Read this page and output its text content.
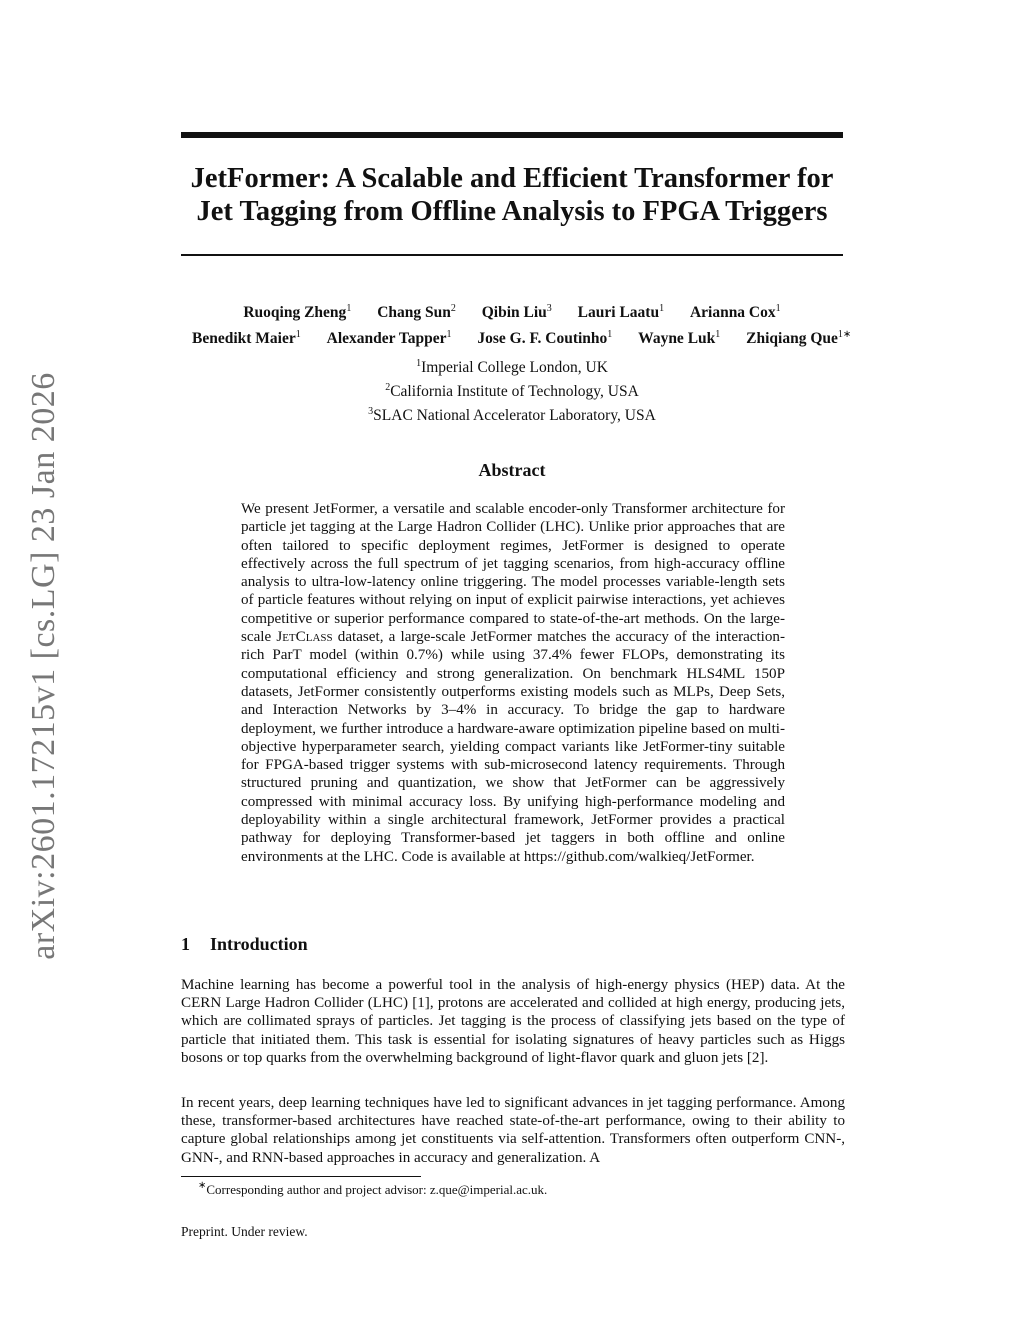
arXiv:2601.17215v1 [cs.LG] 23 Jan 2026
JetFormer: A Scalable and Efficient Transformer for
Jet Tagging from Offline Analysis to FPGA Triggers
Ruoqing Zheng$^1$ Chang Sun$^2$ Qibin Liu$^3$ Lauri Laatu$^1$ Arianna Cox$^1$
Benedikt Maier$^1$ Alexander Tapper$^1$ Jose G. F. Coutinho$^1$ Wayne Luk$^1$ Zhiqiang Que$^{1∗}$
$^1$Imperial College London, UK
$^2$California Institute of Technology, USA
$^3$SLAC National Accelerator Laboratory, USA
Abstract

We present JetFormer, a versatile and scalable encoder-only Transformer architecture for particle jet tagging at the Large Hadron Collider (LHC). Unlike prior approaches that are often tailored to specific deployment regimes, JetFormer is designed to operate effectively across the full spectrum of jet tagging scenarios, from high-accuracy offline analysis to ultra-low-latency online triggering. The model processes variable-length sets of particle features without relying on input of explicit pairwise interactions, yet achieves competitive or superior performance compared to state-of-the-art methods. On the large-scale JetClass dataset, a large-scale JetFormer matches the accuracy of the interaction-rich ParT model (within 0.7%) while using 37.4% fewer FLOPs, demonstrating its computational efficiency and strong generalization. On benchmark HLS4ML 150P datasets, JetFormer consistently outperforms existing models such as MLPs, Deep Sets, and Interaction Networks by 3–4% in accuracy. To bridge the gap to hardware deployment, we further introduce a hardware-aware optimization pipeline based on multi-objective hyperparameter search, yielding compact variants like JetFormer-tiny suitable for FPGA-based trigger systems with sub-microsecond latency requirements. Through structured pruning and quantization, we show that JetFormer can be aggressively compressed with minimal accuracy loss. By unifying high-performance modeling and deployability within a single architectural framework, JetFormer provides a practical pathway for deploying Transformer-based jet taggers in both offline and online environments at the LHC. Code is available at https://github.com/walkieq/JetFormer.

1 Introduction

Machine learning has become a powerful tool in the analysis of high-energy physics (HEP) data. At the CERN Large Hadron Collider (LHC) [1], protons are accelerated and collided at high energy, producing jets, which are collimated sprays of particles. Jet tagging is the process of classifying jets based on the type of particle that initiated them. This task is essential for isolating signatures of heavy particles such as Higgs bosons or top quarks from the overwhelming background of light-flavor quark and gluon jets [2].

In recent years, deep learning techniques have led to significant advances in jet tagging performance. Among these, transformer-based architectures have reached state-of-the-art performance, owing to their ability to capture global relationships among jet constituents via self-attention. Transformers often outperform CNN-, GNN-, and RNN-based approaches in accuracy and generalization. A

∗Corresponding author and project advisor: z.que@imperial.ac.uk.

Preprint. Under review.
